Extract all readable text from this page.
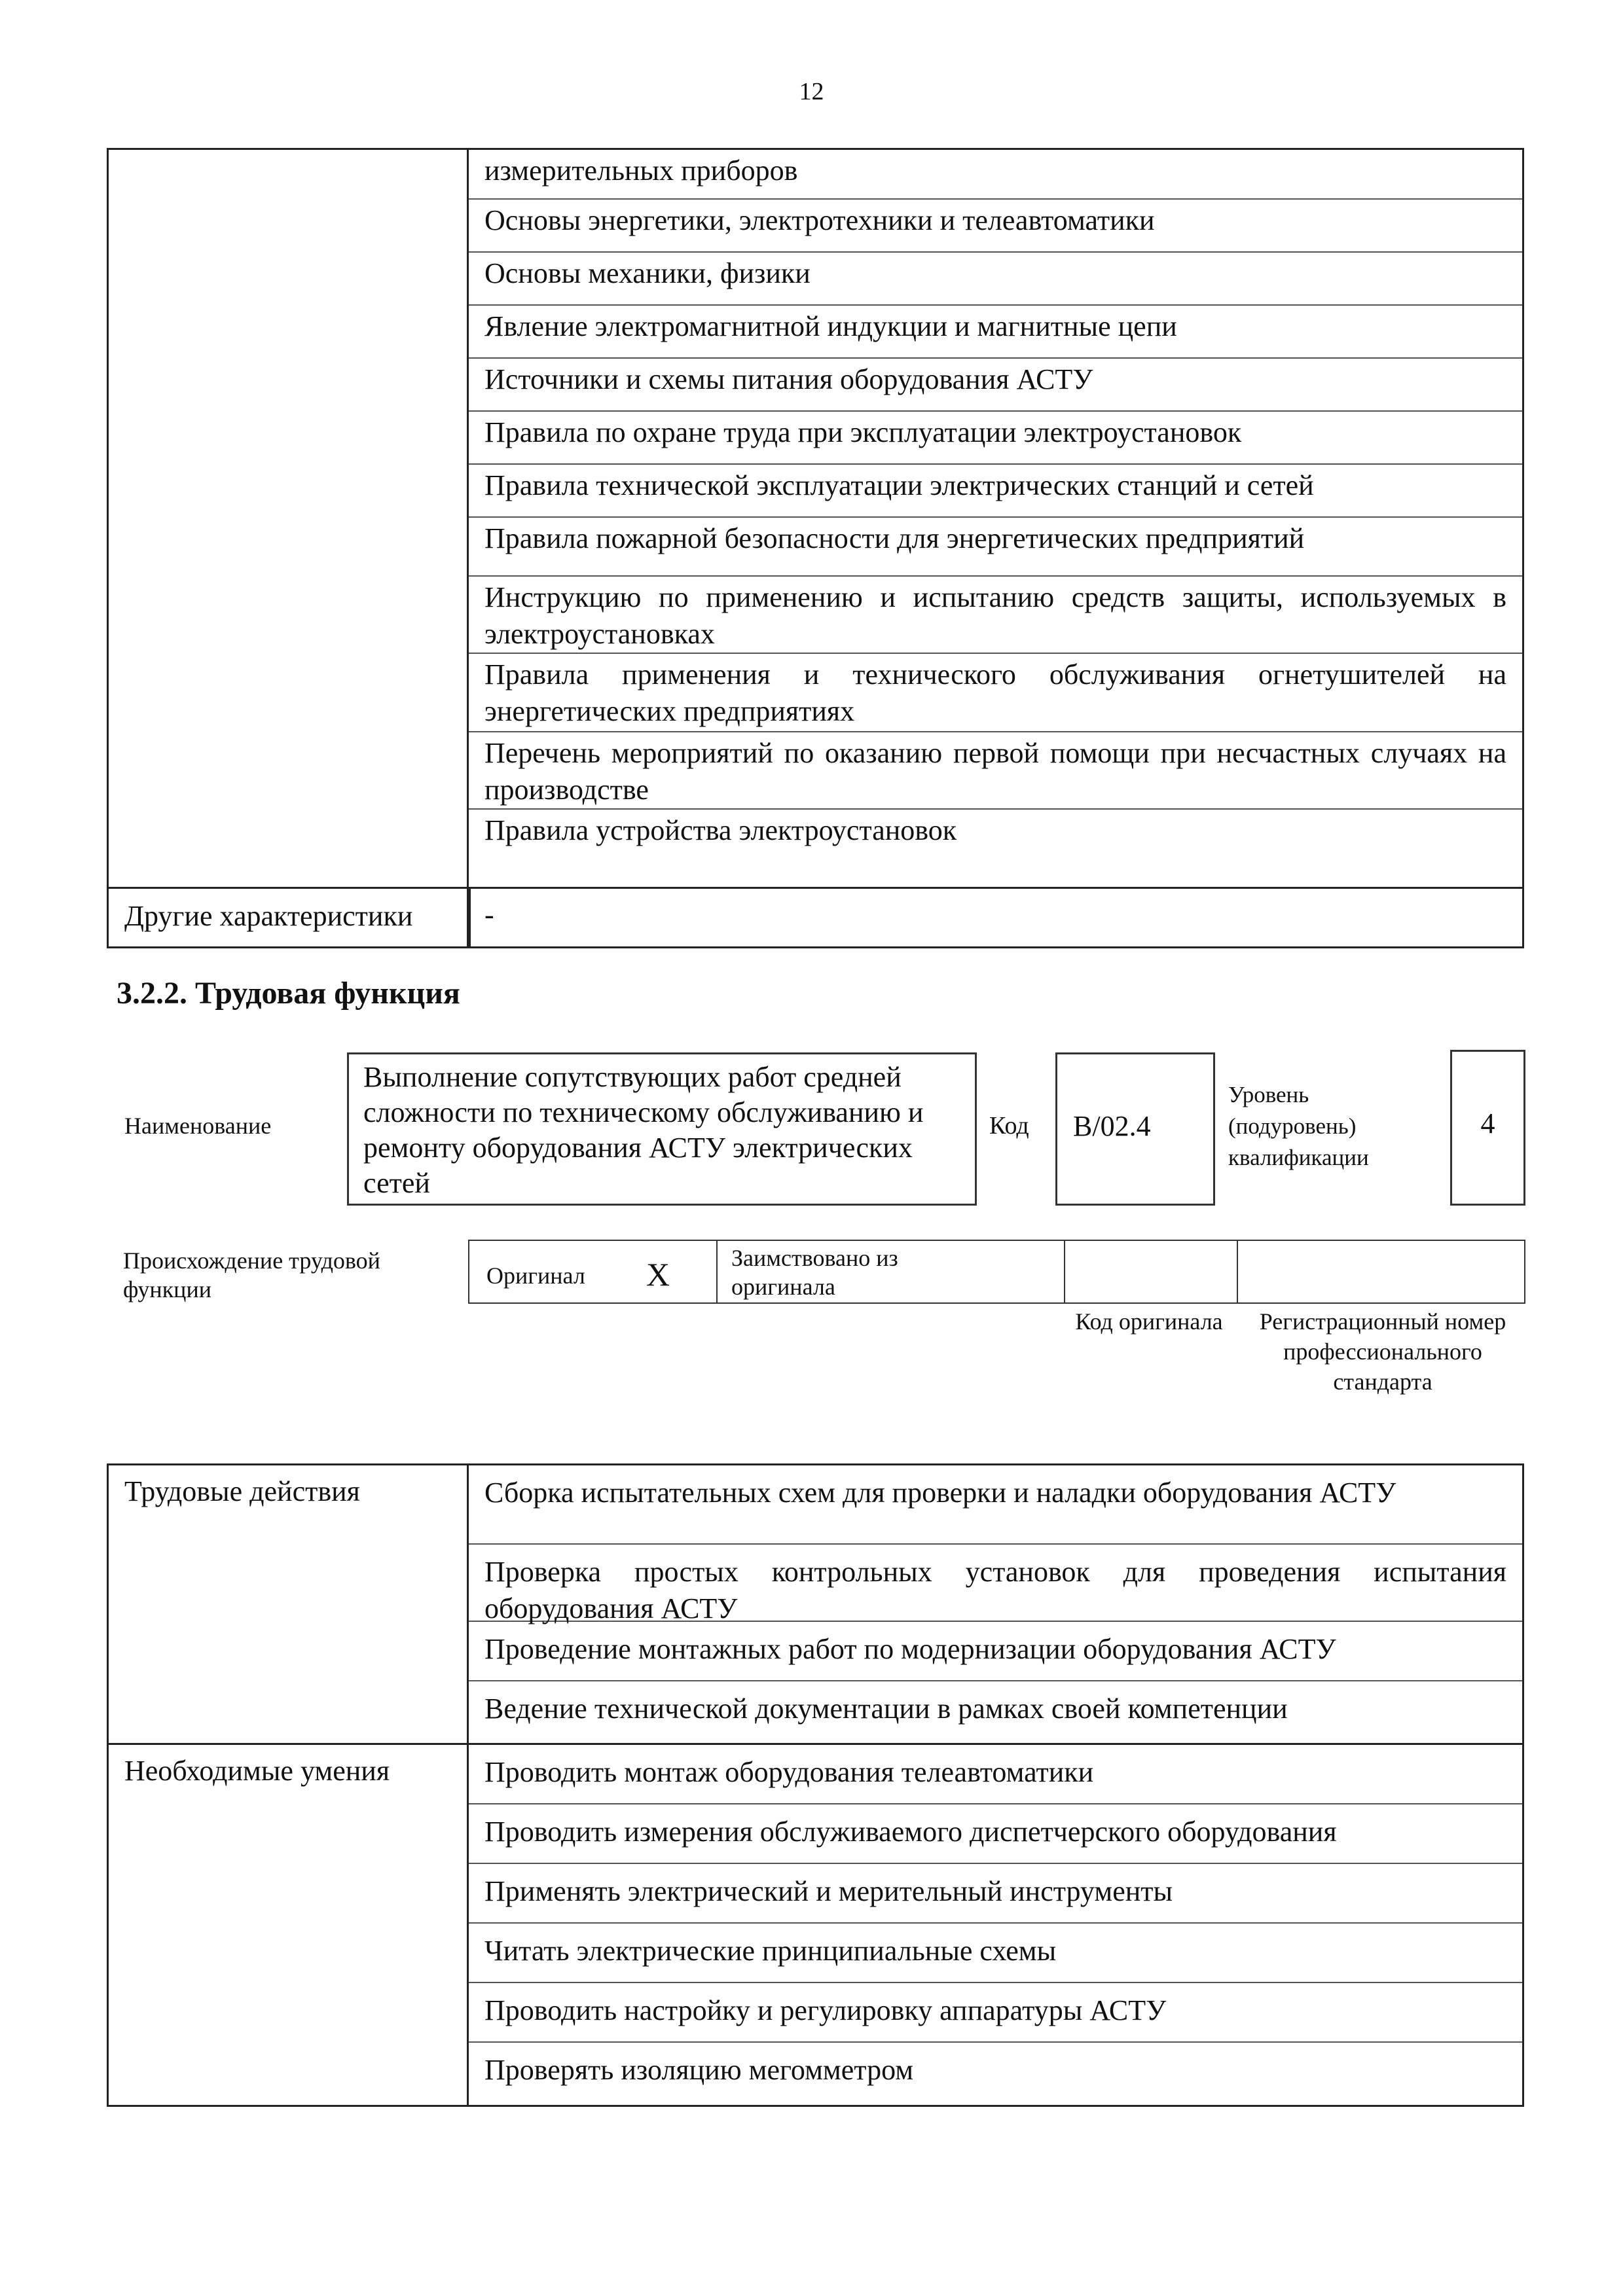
12
измерительных приборов
Основы энергетики, электротехники и телеавтоматики
Основы механики, физики
Явление электромагнитной индукции и магнитные цепи
Источники и схемы питания оборудования АСТУ
Правила по охране труда при эксплуатации электроустановок
Правила технической эксплуатации электрических станций и сетей
Правила пожарной безопасности для энергетических предприятий
Инструкцию по применению и испытанию средств защиты, используемых в электроустановках
Правила применения и технического обслуживания огнетушителей на энергетических предприятиях
Перечень мероприятий по оказанию первой помощи при несчастных случаях на производстве
Правила устройства электроустановок
Другие характеристики -
3.2.2. Трудовая функция
Наименование
Выполнение сопутствующих работ средней сложности по техническому обслуживанию и ремонту оборудования АСТУ электрических сетей
Код	B/02.4
Уровень (подуровень) квалификации
4
Происхождение трудовой функции
Оригинал X	Заимствовано из оригинала
Код оригинала	Регистрационный номер профессионального стандарта
Трудовые действия	Сборка испытательных схем для проверки и наладки оборудования АСТУ
Проверка простых контрольных установок для проведения испытания оборудования АСТУ
Проведение монтажных работ по модернизации оборудования АСТУ
Ведение технической документации в рамках своей компетенции
Необходимые умения	Проводить монтаж оборудования телеавтоматики
Проводить измерения обслуживаемого диспетчерского оборудования
Применять электрический и мерительный инструменты
Читать электрические принципиальные схемы
Проводить настройку и регулировку аппаратуры АСТУ
Проверять изоляцию мегомметром
